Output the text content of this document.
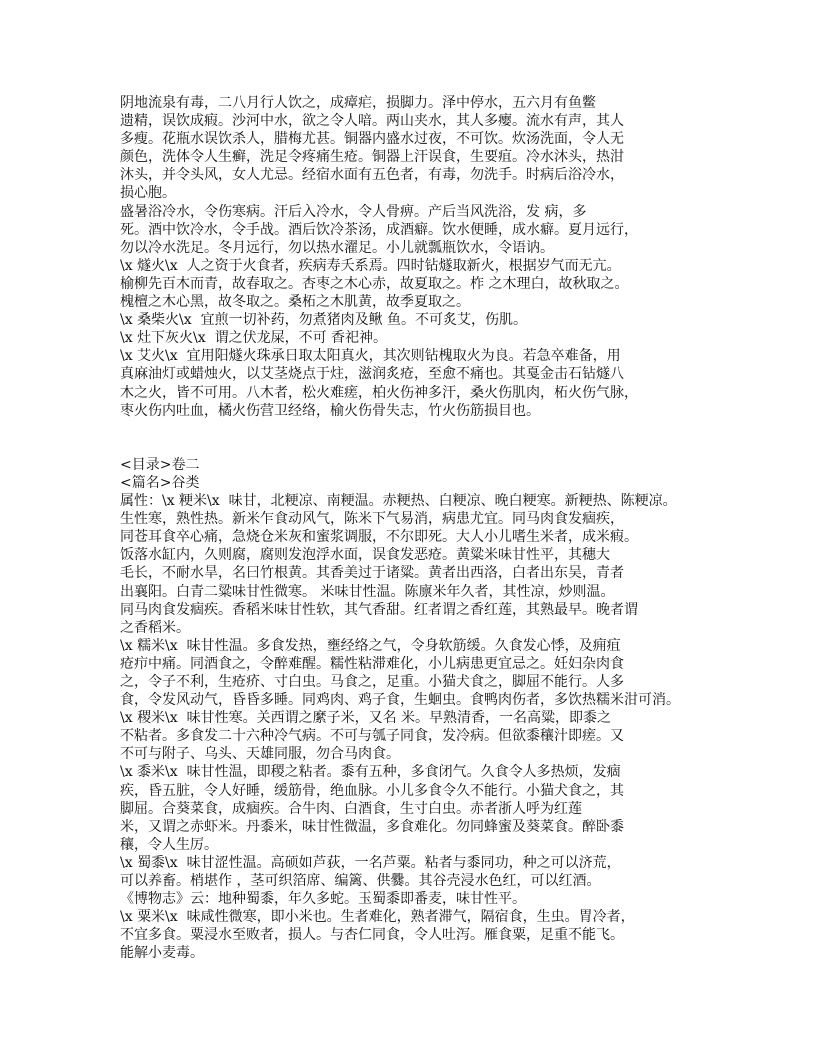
阴地流泉有毒，二八月行人饮之，成瘴疟，损脚力。泽中停水，五六月有鱼鳖
遗精，误饮成瘕。沙河中水，欲之令人喑。两山夹水，其人多瘿。流水有声，其人
多瘦。花瓶水误饮杀人，腊梅尤甚。铜器内盛水过夜，不可饮。炊汤洗面，令人无
颜色，洗体令人生癣，洗足令疼痛生疮。铜器上汗误食，生要疽。冷水沐头，热泔
沐头，并令头风，女人尤忌。经宿水面有五色者，有毒，勿洗手。时病后浴冷水，
损心胞。
盛暑浴冷水，令伤寒病。汗后入冷水，令人骨痹。产后当风洗浴，发 病，多
死。酒中饮冷水，令手战。酒后饮冷茶汤，成酒癖。饮水便睡，成水癖。夏月远行，
勿以冷水洗足。冬月远行，勿以热水濯足。小儿就瓢瓶饮水，令语讷。
\x 燧火\x  人之资于火食者，疾病寿夭系焉。四时钻燧取新火，根据岁气而无亢。
榆柳先百木而青，故春取之。杏枣之木心赤，故夏取之。柞 之木理白，故秋取之。
槐檀之木心黑，故冬取之。桑柘之木肌黄，故季夏取之。
\x 桑柴火\x  宜煎一切补药，勿煮猪肉及鳅 鱼。不可炙艾，伤肌。
\x 灶下灰火\x  谓之伏龙屎，不可 香祀神。
\x 艾火\x  宜用阳燧火珠承日取太阳真火，其次则钻槐取火为良。若急卒难备，用
真麻油灯或蜡烛火，以艾茎烧点于炷，滋润炙疮，至愈不痛也。其戛金击石钻燧八
木之火，皆不可用。八木者，松火难瘥，柏火伤神多汗，桑火伤肌肉，柘火伤气脉，
枣火伤内吐血，橘火伤营卫经络，榆火伤骨失志，竹火伤筋损目也。
<目录>卷二
<篇名>谷类
属性：\x 粳米\x  味甘，北粳凉、南粳温。赤粳热、白粳凉、晚白粳寒。新粳热、陈粳凉。
生性寒，熟性热。新米乍食动风气，陈米下气易消，病患尤宜。同马肉食发痼疾，
同苍耳食卒心痛，急烧仓米灰和蜜浆调服，不尔即死。大人小儿嗜生米者，成米瘕。
饭落水缸内，久则腐，腐则发泡浮水面，误食发恶疮。黄粱米味甘性平，其穗大
毛长，不耐水旱，名曰竹根黄。其香美过于诸粱。黄者出西洛，白者出东吴，青者
出襄阳。白青二粱味甘性微寒。 米味甘性温。陈廪米年久者，其性凉，炒则温。
同马肉食发痼疾。香稻米味甘性软，其气香甜。红者谓之香红莲，其熟最早。晚者谓
之香稻米。
\x 糯米\x  味甘性温。多食发热，壅经络之气，令身软筋缓。久食发心悸，及痈疽
疮疖中痛。同酒食之，令醉难醒。糯性粘滞难化，小儿病患更宜忌之。妊妇杂肉食
之，令子不利，生疮疥、寸白虫。马食之，足重。小猫犬食之，脚屈不能行。人多
食，令发风动气，昏昏多睡。同鸡肉、鸡子食，生蛔虫。食鸭肉伤者，多饮热糯米泔可消。
\x 稷米\x  味甘性寒。关西谓之縻子米，又名 米。早熟清香，一名高粱，即黍之
不粘者。多食发二十六种冷气病。不可与瓠子同食，发冷病。但欲黍穰汁即瘥。又
不可与附子、乌头、天雄同服，勿合马肉食。
\x 黍米\x  味甘性温，即稷之粘者。黍有五种，多食闭气。久食令人多热烦，发痼
疾，昏五脏，令人好睡，缓筋骨，绝血脉。小儿多食令久不能行。小猫犬食之，其
脚屈。合葵菜食，成痼疾。合牛肉、白酒食，生寸白虫。赤者浙人呼为红莲
米，又谓之赤虾米。丹黍米，味甘性微温，多食难化。勿同蜂蜜及葵菜食。醉卧黍
穰，令人生厉。
\x 蜀黍\x  味甘涩性温。高硕如芦荻，一名芦粟。粘者与黍同功，种之可以济荒，
可以养畜。梢堪作 ，茎可织箔席、编篱、供爨。其谷壳浸水色红，可以红酒。
《博物志》云：地种蜀黍，年久多蛇。玉蜀黍即番麦，味甘性平。
\x 粟米\x  味咸性微寒，即小米也。生者难化，熟者滞气，隔宿食，生虫。胃冷者，
不宜多食。粟浸水至败者，损人。与杏仁同食，令人吐泻。雁食粟，足重不能飞。
能解小麦毒。
